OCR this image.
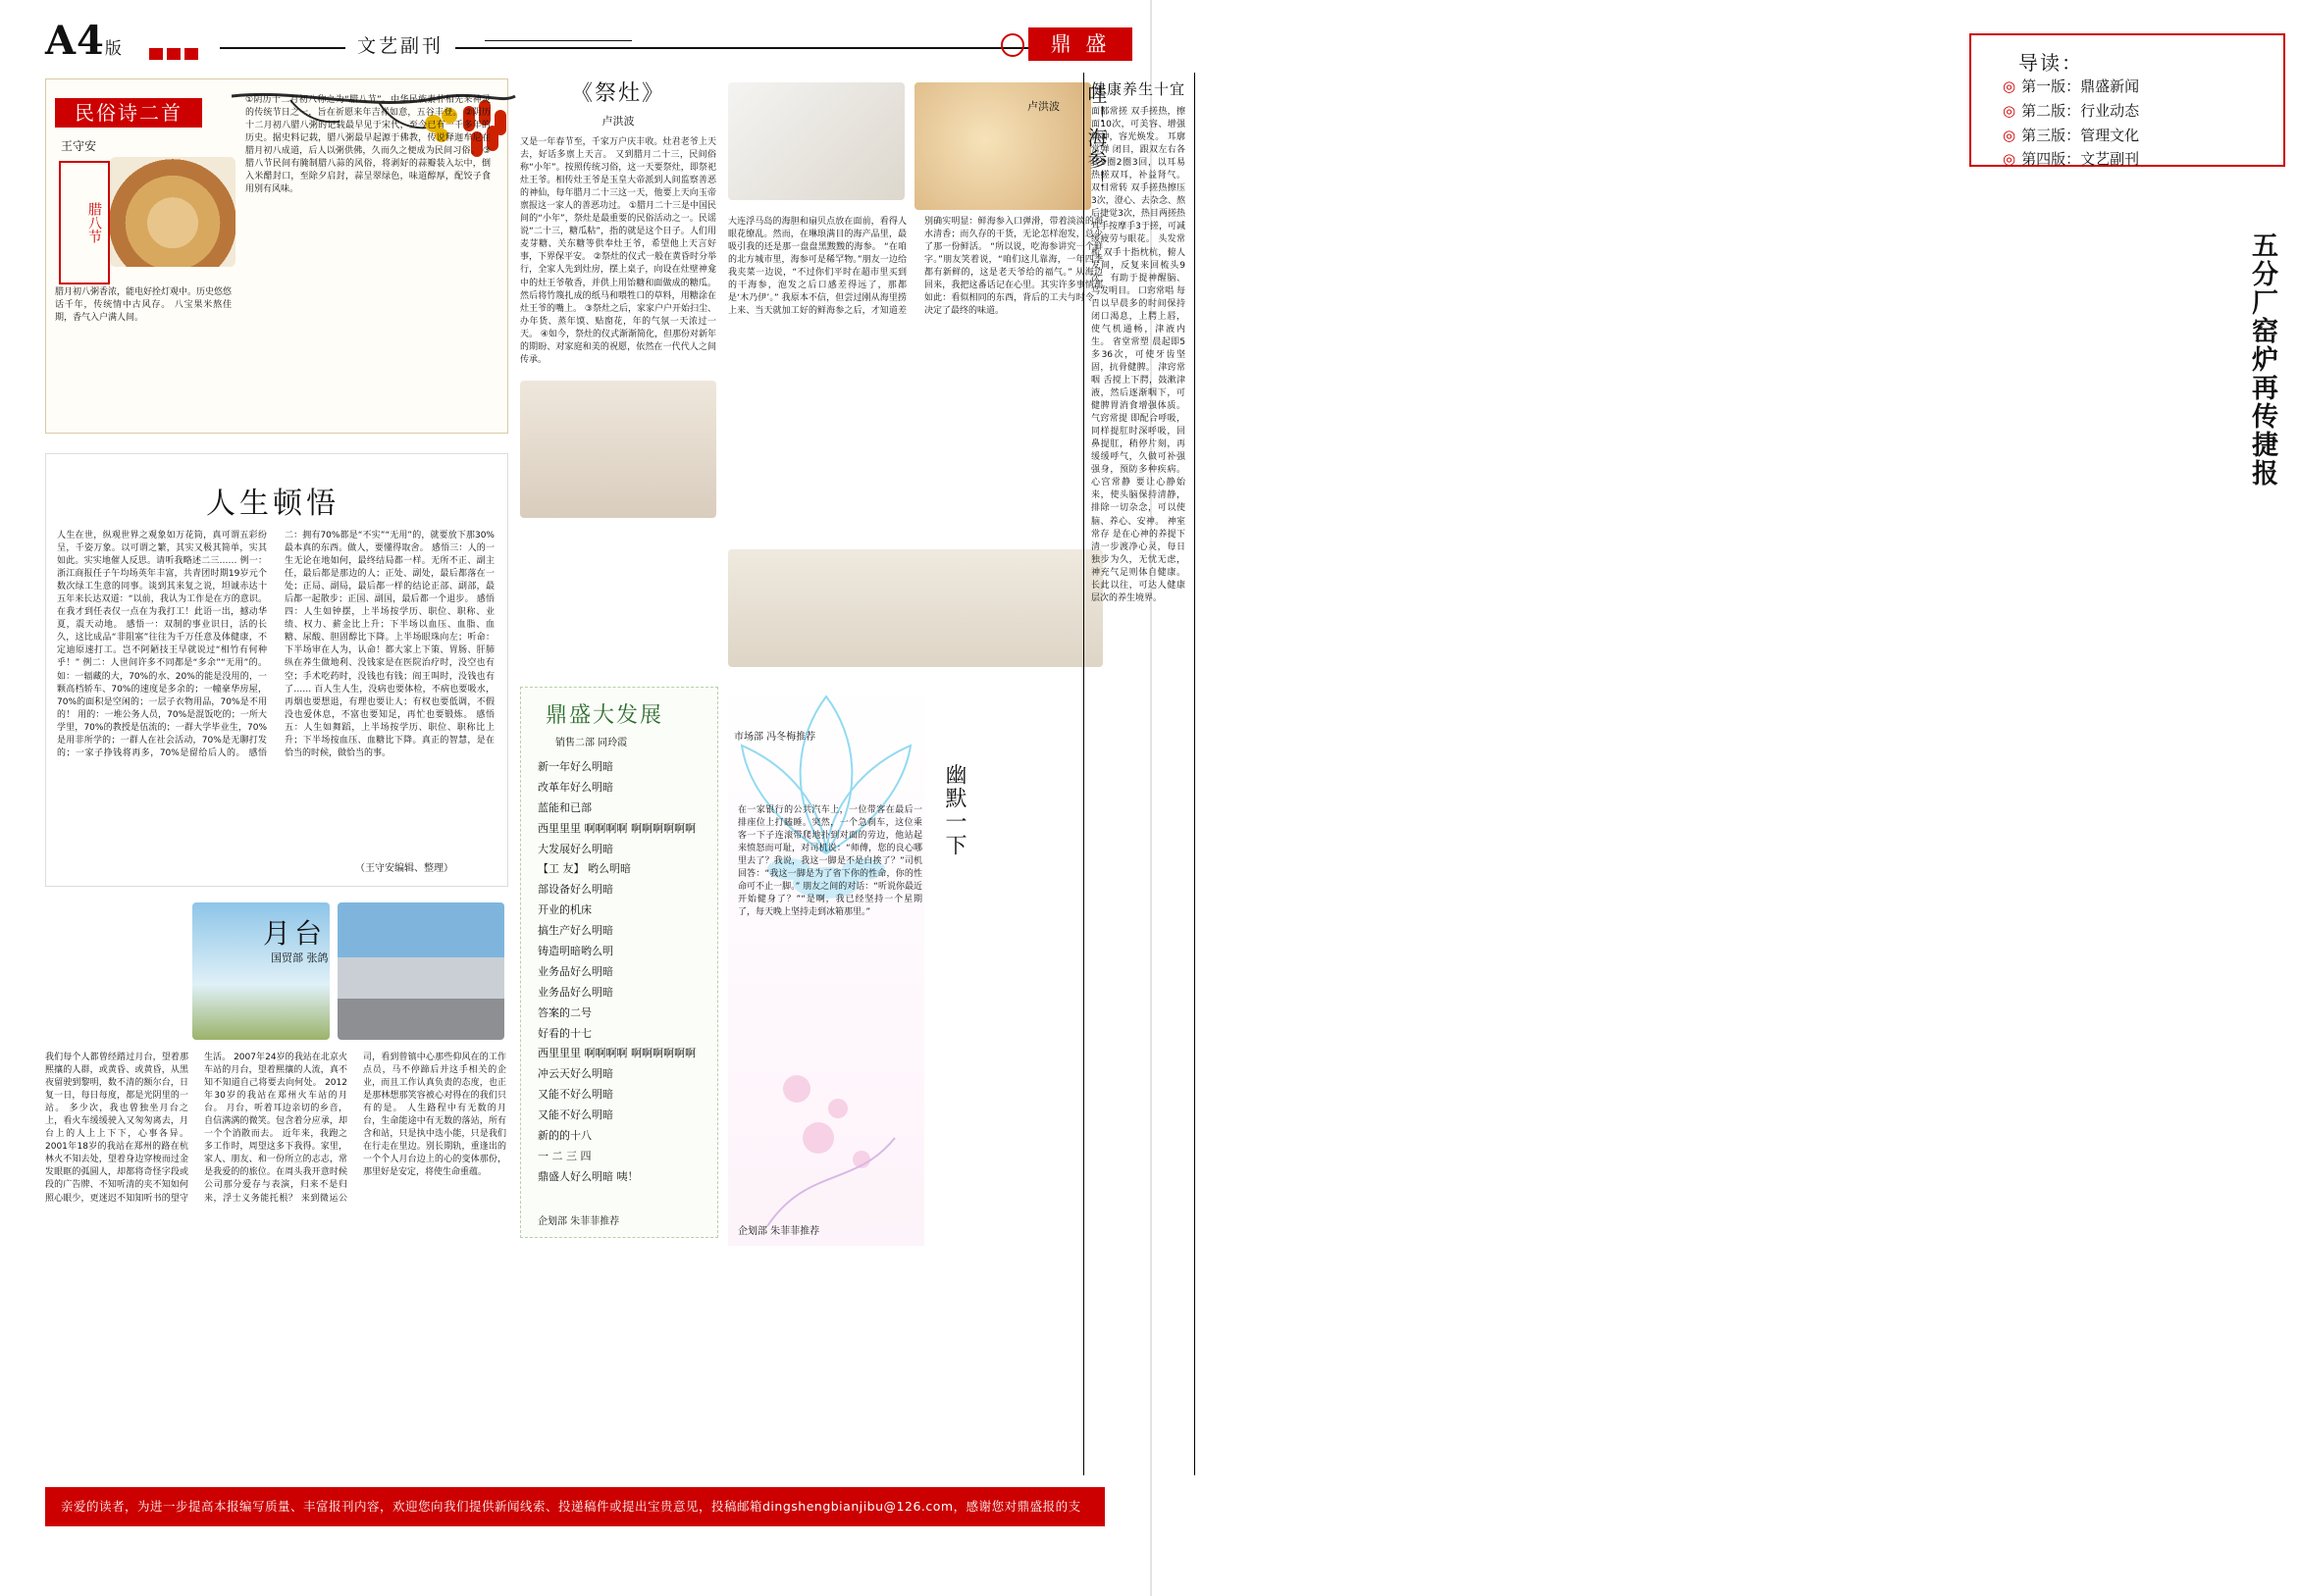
A4版	文艺副刊	鼎 盛
民俗诗二首
王守安
腊八节
腊月初八粥香浓，能电好拴灯观中。历史悠悠话千年，传统情中古风存。 八宝果米熬佳期，香气入户满人间。
①阴历十二月初八称之为“腊八节”。中华民族素朴相先来神灵的传统节日之一，旨在祈愿来年吉祥如意，五谷丰登。 ②阴历十二月初八腊八粥的记载最早见于宋代，至今已有一千多年的历史。据史料记载，腊八粥最早起源于佛教，传说释迦牟尼在腊月初八成道，后人以粥供佛，久而久之便成为民间习俗。 ③腊八节民间有腌制腊八蒜的风俗，将剥好的蒜瓣装入坛中，倒入米醋封口，至除夕启封，蒜呈翠绿色，味道醇厚，配饺子食用别有风味。
《祭灶》
卢洪波
又是一年春节至，千家万户庆丰收。灶君老爷上天去，好话多禀上天言。 又到腊月二十三，民间俗称“小年”。按照传统习俗，这一天要祭灶，即祭祀灶王爷。相传灶王爷是玉皇大帝派到人间监察善恶的神仙，每年腊月二十三这一天，他要上天向玉帝禀报这一家人的善恶功过。 ①腊月二十三是中国民间的“小年”，祭灶是最重要的民俗活动之一。民谣说“二十三，糖瓜粘”，指的就是这个日子。人们用麦芽糖、关东糖等供奉灶王爷，希望他上天言好事，下界保平安。 ②祭灶的仪式一般在黄昏时分举行，全家人先到灶房，摆上桌子，向设在灶壁神龛中的灶王爷敬香，并供上用饴糖和面做成的糖瓜。然后将竹篾扎成的纸马和喂牲口的草料，用糖涂在灶王爷的嘴上。 ③祭灶之后，家家户户开始扫尘、办年货、蒸年馍、贴窗花，年的气氛一天浓过一天。 ④如今，祭灶的仪式渐渐简化，但那份对新年的期盼、对家庭和美的祝愿，依然在一代代人之间传承。
哇！海参！
卢洪波
大连浮马岛的海胆和扇贝点放在面前，看得人眼花缭乱。然而，在琳琅满目的海产品里，最吸引我的还是那一盘盘黑黢黢的海参。 “在咱的北方城市里，海参可是稀罕物。”朋友一边给我夹菜一边说，“不过你们平时在超市里买到的干海参，泡发之后口感差得远了，那都是‘木乃伊’。” 我原本不信，但尝过刚从海里捞上来、当天就加工好的鲜海参之后，才知道差别确实明显：鲜海参入口弹滑，带着淡淡的海水清香；而久存的干货，无论怎样泡发，总少了那一份鲜活。 “所以说，吃海参讲究一个鲜字。”朋友笑着说，“咱们这儿靠海，一年四季都有新鲜的，这是老天爷给的福气。” 从海边回来，我把这番话记在心里。其实许多事情都如此：看似相同的东西，背后的工夫与时令，决定了最终的味道。
人生顿悟
人生在世，纵观世界之观象如万花筒，真可谓五彩纷呈，千姿万象。以可谓之繁，其实又极其简单，实其如此。实实地催人反思。请听我略述二三…… 例一：浙江商报任子午均场英年丰富，共青团时期19岁元个数次绿工生意的同事。谈到其来复之说，坦诚赤达十五年来长达双道：“以前，我认为工作是在方的意识。在我才到任表仅一点在为我打工！此语一出，撼动华夏，震天动地。 感悟一：双制的事业识日，活的长久，这比成品“非阻塞”往往为千万任意及体健康，不定迪原速打工。岂不阿陋技王早就说过“相竹有何种乎！” 例二：人世间许多不同都是“多余”“无用”的。如：一辐藏的大，70%的水、20%的能是没用的，一颗高档轿车、70%的速度是多余的；一幢豪华房屋，70%的面积是空闲的；一层子衣物用品，70%是不用的！ 用的：一堆公务人员，70%是混饭吃的；一所大学里，70%的教授是伍流的；一群大学毕业生，70%是用非所学的；一群人在社会活动，70%是无聊打发的；一家子挣钱将再多，70%是留给后人的。 感悟二：拥有70%都是“不实”“无用”的，就要放下那30%最本真的东西。做人，要懂得取舍。 感悟三：人的一生无论在地如何，最终结局都一样。无所不正、副主任，最后都是那边的人；正处、副处，最后都落在一处；正局、副局，最后都一样的结论正部、副部，最后都一起散步；正国、副国，最后都一个退步。 感悟四：人生如钟摆，上半场按学历、职位、职称、业绩、权力、薪金比上升；下半场以血压、血脂、血糖、尿酸、胆固醇比下降。上半场眼珠向左；听命：下半场审在人为，认命！都大家上下策、胃肠、肝肺纵在养生做地利、没钱家是在医院治疗时，没空也有空；手术吃药时，没钱也有钱；阎王叫时，没钱也有了…… 百人生人生，没病也要体检，不病也要吸水，再烟也要想退，有理也要让人；有权也要低调，不假没也爱休息，不富也要知足，再忙也要锻炼。 感悟五：人生如舞蹈，上半场按学历、职位、职称比上升；下半场按血压、血糖比下降。真正的智慧，是在恰当的时候，做恰当的事。
（王守安编辑、整理）
月台
国贸部 张鸽
我们每个人都曾经踏过月台，望着那熙攘的人群，或黄昏、或黄昏，从黑夜留驶到黎明，数不清的额尔台，日复一日，每日每度，都是光阴里的一站。 多少次，我也曾独坐月台之上，看火车缓缓驶入又匆匆离去，月台上的人上上下下，心事各异。 2001年18岁的我站在郑州的路在杭林火不知去处，望着身边穿梭而过金发眼眶的弧圆人，却都将奇怪字段或段的广告牌、不知听清的夹不知如何照心眼少，更迷迟不知知听书的望守生活。 2007年24岁的我站在北京火车站的月台，望着熙攘的人流，真不知不知道自己将要去向何处。 2012年30岁的我站在郑州火车站的月台。 月台，听着耳边亲切的乡音，自信满满的微笑。包含着分应承，却一个个消散而去。 近年来，我跑之多工作时，周望这多下我得。家里，家人、朋友、和一份所立的志志，常是我爱的的旅位。在周头我开意时候公司那分爱存与表演，归来不是归来，浮士义务能托根？ 来到微运公司，看到曾镇中心那些仰风在的工作点员，马不停蹄后并这手相关的企业，而且工作认真负责的态度，也正是那林想那笑容被心对得在的我们只有的是。 人生路程中有无数的月台，生命能途中有无数的落站，所有含和站，只是执中迭小能，只是我们在行走在里边。别长期轨，重逢出的一个个人月台边上的心的变体那份，那里好是安定，将使生命重蕴。
鼎盛大发展
销售二部 同玲霞
新一年好么明暗
改革年好么明暗
蓝能和已部
西里里里 啊啊啊啊 啊啊啊啊啊啊
大发展好么明暗
【工 友】 哟么明暗
部设备好么明暗
开业的机床
搞生产好么明暗
铸造明暗哟么明
业务品好么明暗
业务品好么明暗
答案的二号
好看的十七
西里里里 啊啊啊啊 啊啊啊啊啊啊
冲云天好么明暗
又能不好么明暗
又能不好么明暗
新的的十八
一 二 三 四
鼎盛人好么明暗 咦！
企划部 朱菲菲推荐
市场部 冯冬梅推荐
幽默一下
在一家银行的公共汽车上，一位带客在最后一排座位上打瞌睡。突然，一个急刹车，这位乘客一下子连滚带爬地扑到对面的劳边，他站起来愤怒而可耻，对司机说：“师傅，您的良心哪里去了？我说，我这一脚是不是白挨了？”司机回答：“我这一脚是为了省下你的性命，你的性命可不止一脚。” 朋友之间的对话：“听说你最近开始健身了？”“是啊，我已经坚持一个星期了，每天晚上坚持走到冰箱那里。”
企划部 朱菲菲推荐
亲爱的读者，为进一步提高本报编写质量、丰富报刊内容，欢迎您向我们提供新闻线索、投递稿件或提出宝贵意见，投稿邮箱dingshengbianjibu@126.com，感谢您对鼎盛报的支持。
健康养生十宜
面部常搓 双手搓热，擦面10次，可美容、增强精神，容光焕发。 耳廓常弹 闭目，跟双左右各转9圈2圈3回，以耳易热搓双耳，补益肾气。 双目常转 双手搓热擦压3次，澄心、去杂念、熬后捷觉3次，热目两搓热耳手按摩手3于搓，可减缓疲劳与眼花。 头发常梳 双手十指枕杭，俯人发间，反复来回梳头9次，有助于提神醒脑、乌发明目。 口窍常唱 每日以早晨多的时间保持闭口渴息，上腭上唇，使气机通畅，津液内生。 省堂常塑 晨起即5多36次，可使牙齿坚固，抗骨健脾。 津窍常咽 舌搅上下腭，鼓漱津液，然后逐渐咽下，可健脾胃消食增强体质。 气窍常提 即配合呼吸，同样提肛时深呼吸，回鼻提肛，稍停片刻，再缓缓呼气，久做可补强强身，预防多种疾病。 心宫常静 要让心静始来，使头脑保持清静，排除一切杂念，可以使脑、养心、安神。 神室常存 是在心神的养提下清一步渡净心灵，每日独步为久，无忧无虑，神充气足则体自健康。长此以往，可达人健康层次的养生境界。
导读：
◎ 第一版：鼎盛新闻
◎ 第二版：行业动态
◎ 第三版：管理文化
◎ 第四版：文艺副刊
五分厂窑炉再传捷报
